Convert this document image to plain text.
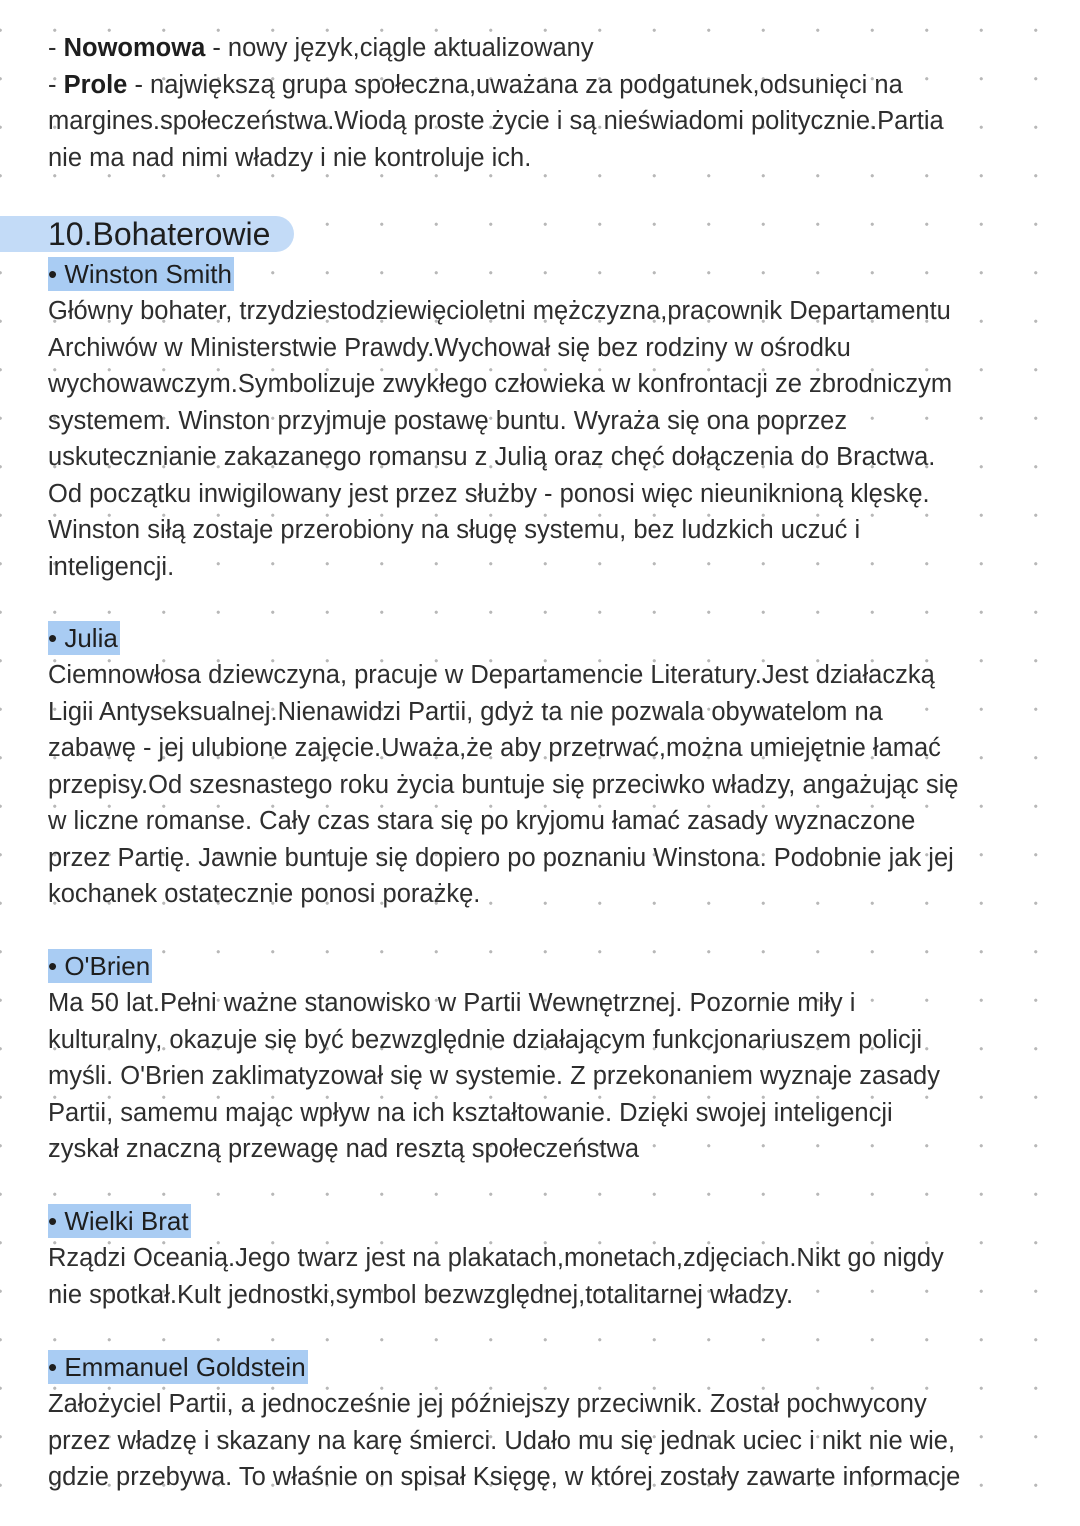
- Nowomowa - nowy język,ciągle aktualizowany
- Prole - największą grupa społeczna,uważana za podgatunek,odsunięci na
margines.społeczeństwa.Wiodą proste życie i są nieświadomi politycznie.Partia
nie ma nad nimi władzy i nie kontroluje ich.
10.Bohaterowie
• Winston Smith
Główny bohater, trzydziestodziewięcioletni mężczyzna,pracownik Departamentu
Archiwów w Ministerstwie Prawdy.Wychował się bez rodziny w ośrodku
wychowawczym.Symbolizuje zwykłego człowieka w konfrontacji ze zbrodniczym
systemem. Winston przyjmuje postawę buntu. Wyraża się ona poprzez
uskutecznianie zakazanego romansu z Julią oraz chęć dołączenia do Bractwa.
Od początku inwigilowany jest przez służby - ponosi więc nieuniknioną klęskę.
Winston siłą zostaje przerobiony na sługę systemu, bez ludzkich uczuć i
inteligencji.
• Julia
Ciemnowłosa dziewczyna, pracuje w Departamencie Literatury.Jest działaczką
Ligii Antyseksualnej.Nienawidzi Partii, gdyż ta nie pozwala obywatelom na
zabawę - jej ulubione zajęcie.Uważa,że aby przetrwać,można umiejętnie łamać
przepisy.Od szesnastego roku życia buntuje się przeciwko władzy, angażując się
w liczne romanse. Cały czas stara się po kryjomu łamać zasady wyznaczone
przez Partię. Jawnie buntuje się dopiero po poznaniu Winstona. Podobnie jak jej
kochanek ostatecznie ponosi porażkę.
• O'Brien
Ma 50 lat.Pełni ważne stanowisko w Partii Wewnętrznej. Pozornie miły i
kulturalny, okazuje się być bezwzględnie działającym funkcjonariuszem policji
myśli. O'Brien zaklimatyzował się w systemie. Z przekonaniem wyznaje zasady
Partii, samemu mając wpływ na ich kształtowanie. Dzięki swojej inteligencji
zyskał znaczną przewagę nad resztą społeczeństwa
• Wielki Brat
Rządzi Oceanią.Jego twarz jest na plakatach,monetach,zdjęciach.Nikt go nigdy
nie spotkał.Kult jednostki,symbol bezwzględnej,totalitarnej władzy.
• Emmanuel Goldstein
Założyciel Partii, a jednocześnie jej późniejszy przeciwnik. Został pochwycony
przez władzę i skazany na karę śmierci. Udało mu się jednak uciec i nikt nie wie,
gdzie przebywa. To właśnie on spisał Księgę, w której zostały zawarte informacje
